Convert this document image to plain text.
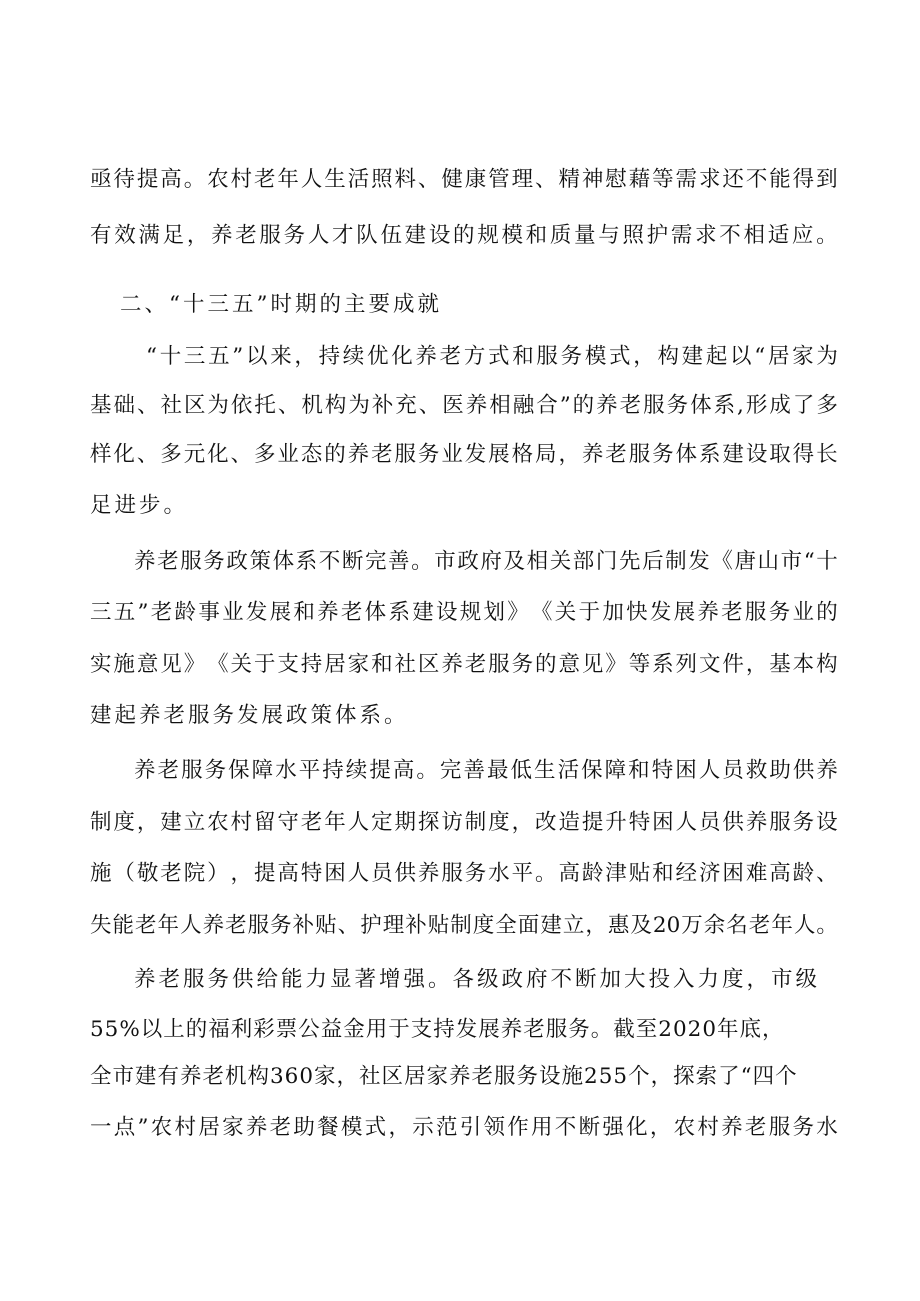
亟 待 提 高 。 农 村 老 年 人 生 活 照 料 、 健 康 管 理 、 精 神 慰 藉 等 需 求 还 不 能 得 到
有 效 满 足 ， 养 老 服 务 人 才 队 伍 建 设 的 规 模 和 质 量 与 照 护 需 求 不 相 适 应 。
二、“十三五”时期的主要成就
“ 十 三 五 ” 以 来 ， 持 续 优 化 养 老 方 式 和 服 务 模 式 ， 构 建 起 以 “ 居 家 为
基 础 、 社 区 为 依 托 、 机 构 为 补 充 、 医 养 相 融 合 ” 的 养 老 服 务 体 系 , 形 成 了 多
样 化 、 多 元 化 、 多 业 态 的 养 老 服 务 业 发 展 格 局 ， 养 老 服 务 体 系 建 设 取 得 长
足进步。
养 老 服 务 政 策 体 系 不 断 完 善 。 市 政 府 及 相 关 部 门 先 后 制 发 《 唐 山 市 “ 十
三 五 ” 老 龄 事 业 发 展 和 养 老 体 系 建 设 规 划 》 《 关 于 加 快 发 展 养 老 服 务 业 的
实 施 意 见 》 《 关 于 支 持 居 家 和 社 区 养 老 服 务 的 意 见 》 等 系 列 文 件 ， 基 本 构
建起养老服务发展政策体系。
养 老 服 务 保 障 水 平 持 续 提 高 。 完 善 最 低 生 活 保 障 和 特 困 人 员 救 助 供 养
制 度 ， 建 立 农 村 留 守 老 年 人 定 期 探 访 制 度 ， 改 造 提 升 特 困 人 员 供 养 服 务 设
施 （ 敬 老 院 ） ， 提 高 特 困 人 员 供 养 服 务 水 平 。 高 龄 津 贴 和 经 济 困 难 高 龄 、
失 能 老 年 人 养 老 服 务 补 贴 、 护 理 补 贴 制 度 全 面 建 立 ， 惠 及 20 万 余 名 老 年 人 。
养老服务供给能力显著增强。各级政府不断加大投入力度，市级
55%以上的福利彩票公益金用于支持发展养老服务。截至2020年底，
全市建有养老机构360家，社区居家养老服务设施255个，探索了“四个
一 点 ” 农 村 居 家 养 老 助 餐 模 式 ， 示 范 引 领 作 用 不 断 强 化 ， 农 村 养 老 服 务 水
